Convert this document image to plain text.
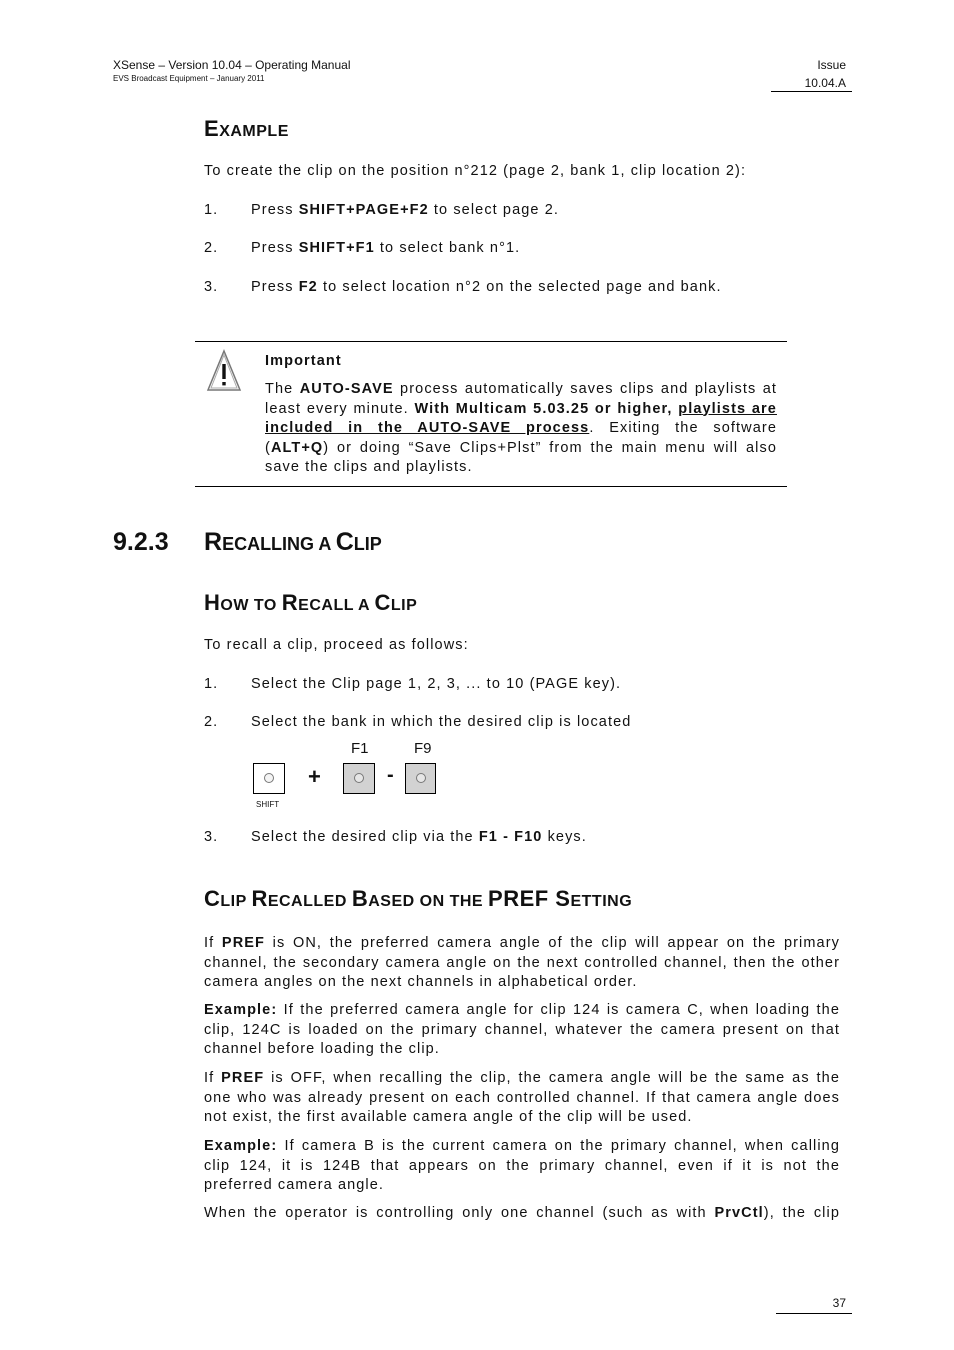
XSense – Version 10.04 – Operating Manual
EVS Broadcast Equipment – January 2011
Issue
10.04.A
EXAMPLE
To create the clip on the position n°212 (page 2, bank 1, clip location 2):
1. Press SHIFT+PAGE+F2 to select page 2.
2. Press SHIFT+F1 to select bank n°1.
3. Press F2 to select location n°2 on the selected page and bank.
Important
The AUTO-SAVE process automatically saves clips and playlists at least every minute. With Multicam 5.03.25 or higher, playlists are included in the AUTO-SAVE process. Exiting the software (ALT+Q) or doing “Save Clips+Plst” from the main menu will also save the clips and playlists.
9.2.3 RECALLING A CLIP
HOW TO RECALL A CLIP
To recall a clip, proceed as follows:
1. Select the Clip page 1, 2, 3, ... to 10 (PAGE key).
2. Select the bank in which the desired clip is located
SHIFT
+
F1
-
F9
3. Select the desired clip via the F1 - F10 keys.
CLIP RECALLED BASED ON THE PREF SETTING
If PREF is ON, the preferred camera angle of the clip will appear on the primary channel, the secondary camera angle on the next controlled channel, then the other camera angles on the next channels in alphabetical order.
Example: If the preferred camera angle for clip 124 is camera C, when loading the clip, 124C is loaded on the primary channel, whatever the camera present on that channel before loading the clip.
If PREF is OFF, when recalling the clip, the camera angle will be the same as the one who was already present on each controlled channel. If that camera angle does not exist, the first available camera angle of the clip will be used.
Example: If camera B is the current camera on the primary channel, when calling clip 124, it is 124B that appears on the primary channel, even if it is not the preferred camera angle.
When the operator is controlling only one channel (such as with PrvCtl), the clip
37
